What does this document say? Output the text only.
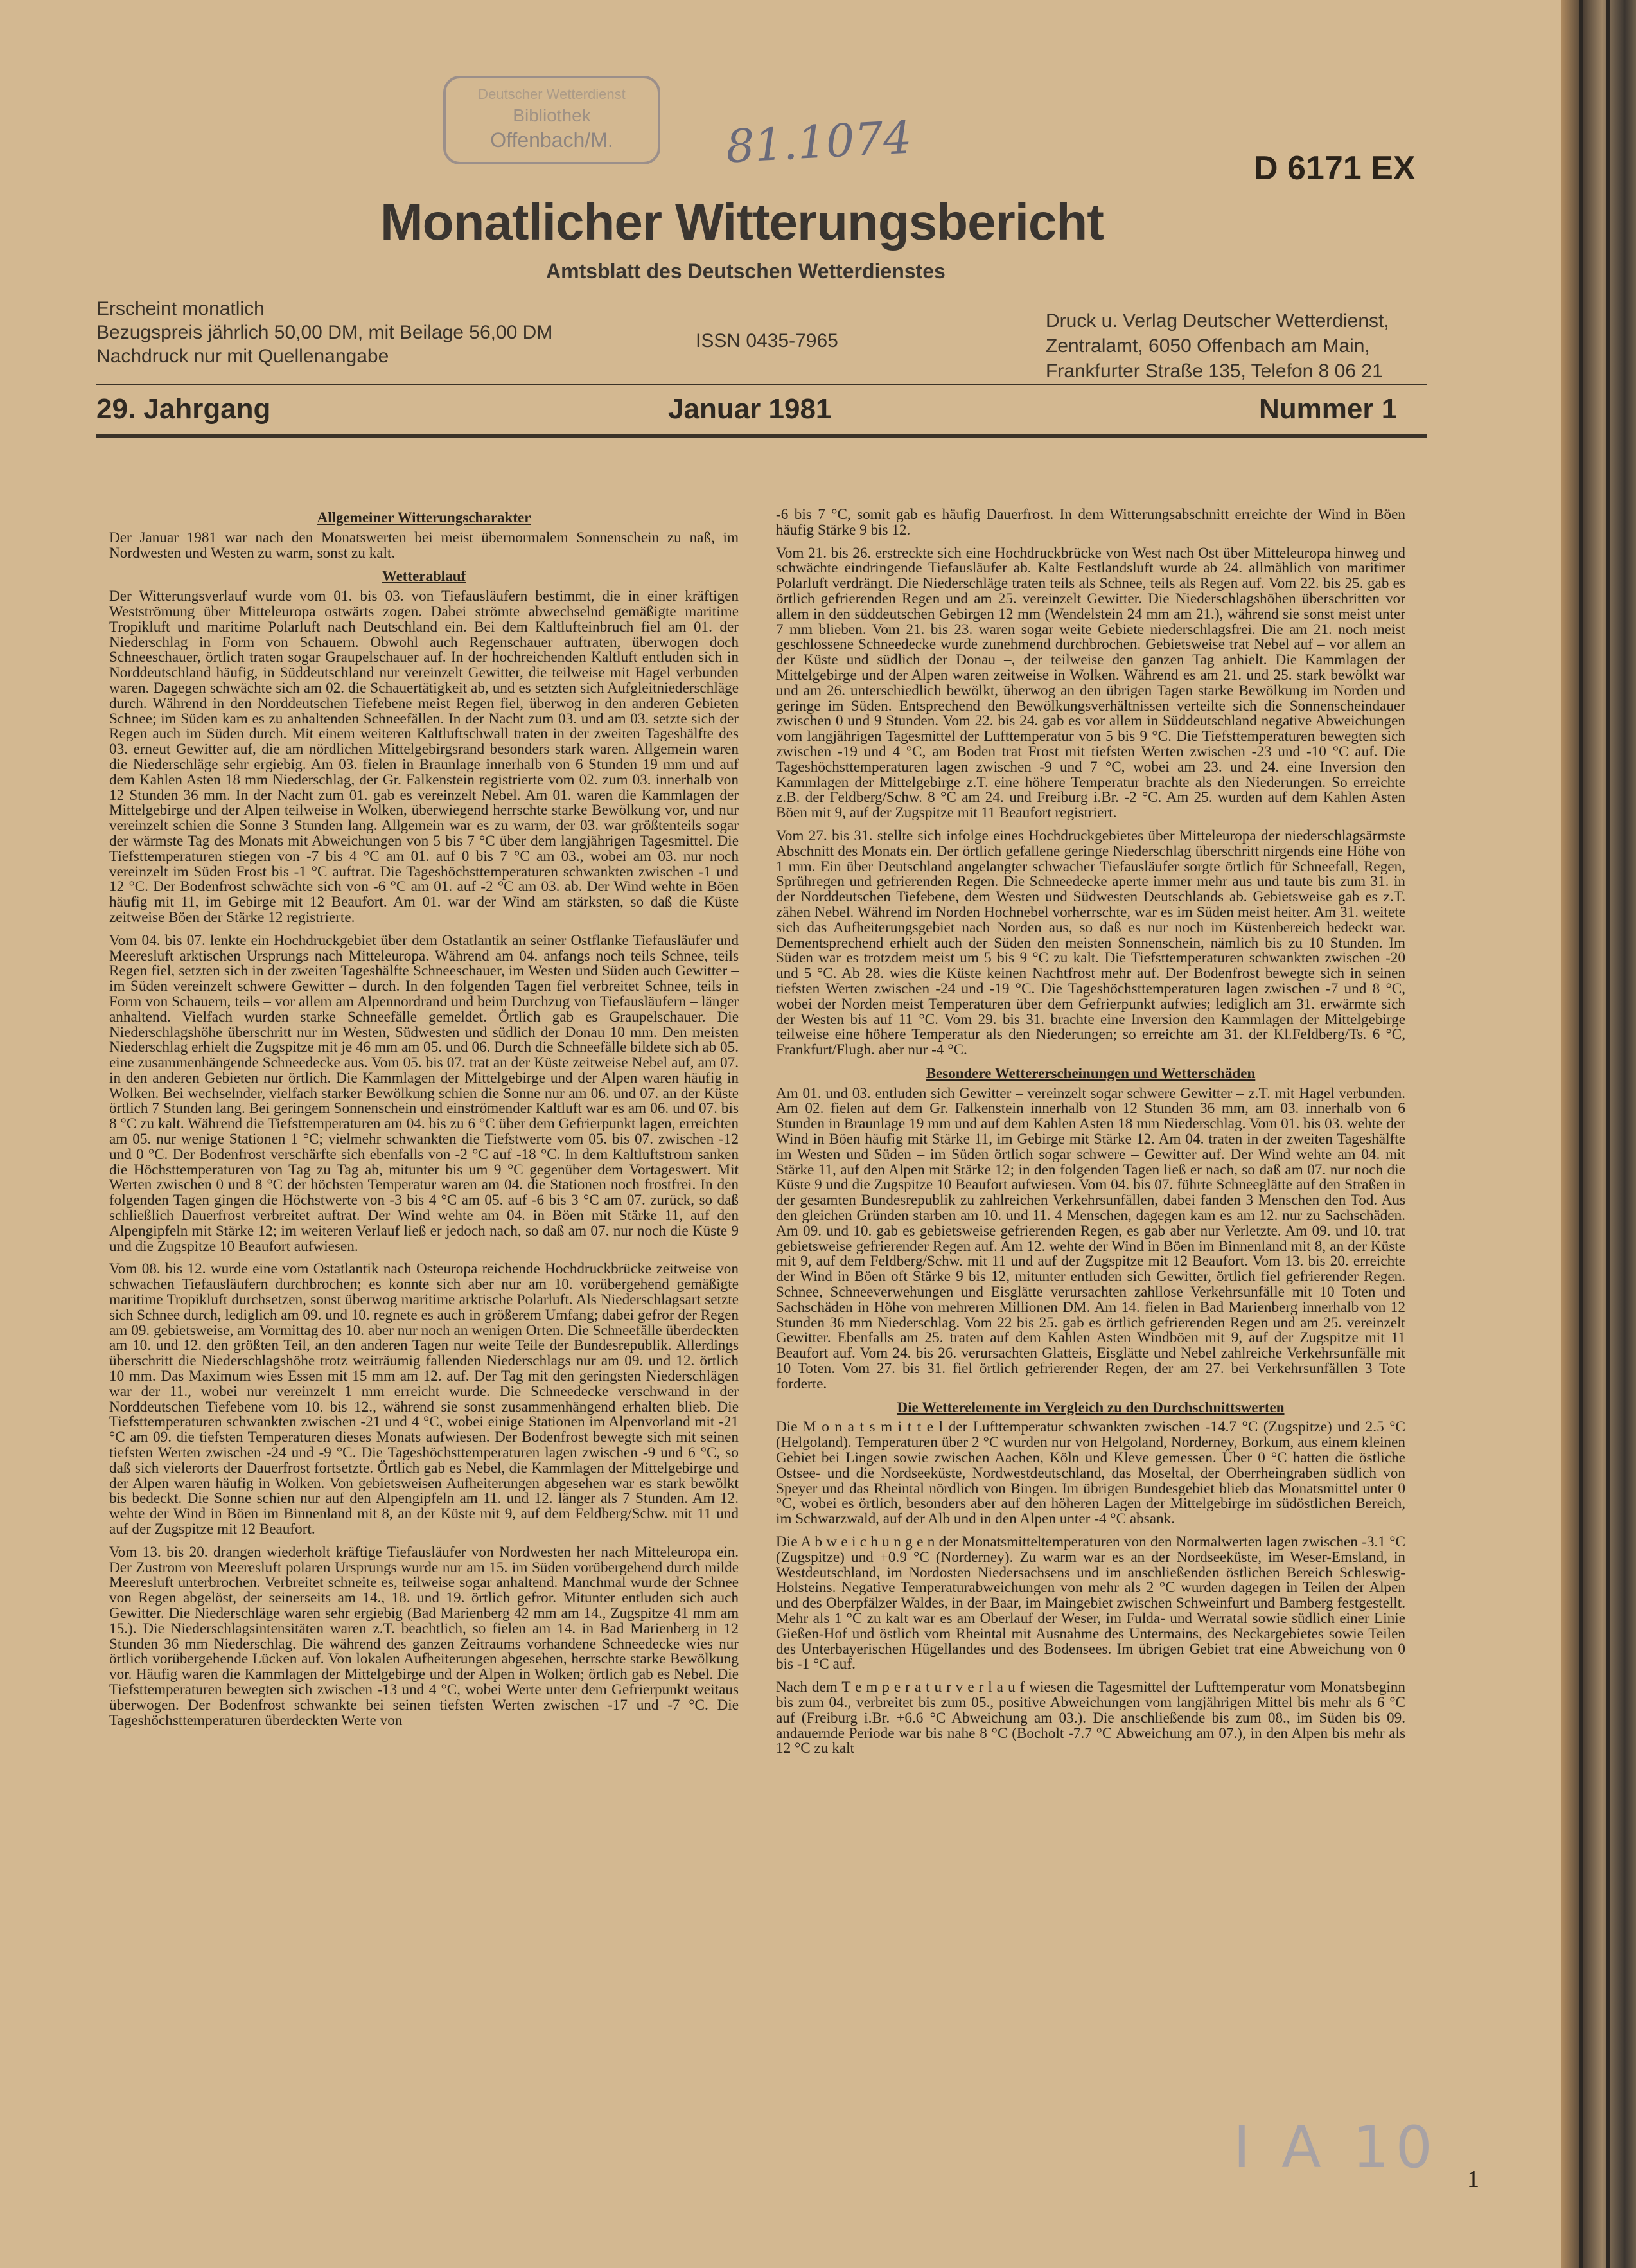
Deutscher Wetterdienst
Bibliothek
Offenbach/M.	81.1074	D 6171 EX
Monatlicher Witterungsbericht
Amtsblatt des Deutschen Wetterdienstes
Erscheint monatlich
Bezugspreis jährlich 50,00 DM, mit Beilage 56,00 DM
Nachdruck nur mit Quellenangabe
ISSN 0435-7965
Druck u. Verlag Deutscher Wetterdienst,
Zentralamt, 6050 Offenbach am Main,
Frankfurter Straße 135, Telefon 8 06 21
29. Jahrgang	Januar 1981	Nummer 1
Allgemeiner Witterungscharakter

Der Januar 1981 war nach den Monatswerten bei meist übernormalem Sonnenschein zu naß, im Nordwesten und Westen zu warm, sonst zu kalt.

Wetterablauf

Der Witterungsverlauf wurde vom 01. bis 03. von Tiefausläufern bestimmt, die in einer kräftigen Westströmung über Mitteleuropa ostwärts zogen. Dabei strömte abwechselnd gemäßigte maritime Tropikluft und maritime Polarluft nach Deutschland ein. Bei dem Kaltlufteinbruch fiel am 01. der Niederschlag in Form von Schauern. Obwohl auch Regenschauer auftraten, überwogen doch Schneeschauer, örtlich traten sogar Graupelschauer auf. In der hochreichenden Kaltluft entluden sich in Norddeutschland häufig, in Süddeutschland nur vereinzelt Gewitter, die teilweise mit Hagel verbunden waren. Dagegen schwächte sich am 02. die Schauertätigkeit ab, und es setzten sich Aufgleitniederschläge durch. Während in den Norddeutschen Tiefebene meist Regen fiel, überwog in den anderen Gebieten Schnee; im Süden kam es zu anhaltenden Schneefällen. In der Nacht zum 03. und am 03. setzte sich der Regen auch im Süden durch. Mit einem weiteren Kaltluftschwall traten in der zweiten Tageshälfte des 03. erneut Gewitter auf, die am nördlichen Mittelgebirgsrand besonders stark waren. Allgemein waren die Niederschläge sehr ergiebig. Am 03. fielen in Braunlage innerhalb von 6 Stunden 19 mm und auf dem Kahlen Asten 18 mm Niederschlag, der Gr. Falkenstein registrierte vom 02. zum 03. innerhalb von 12 Stunden 36 mm. In der Nacht zum 01. gab es vereinzelt Nebel. Am 01. waren die Kammlagen der Mittelgebirge und der Alpen teilweise in Wolken, überwiegend herrschte starke Bewölkung vor, und nur vereinzelt schien die Sonne 3 Stunden lang. Allgemein war es zu warm, der 03. war größtenteils sogar der wärmste Tag des Monats mit Abweichungen von 5 bis 7 °C über dem langjährigen Tagesmittel. Die Tiefsttemperaturen stiegen von -7 bis 4 °C am 01. auf 0 bis 7 °C am 03., wobei am 03. nur noch vereinzelt im Süden Frost bis -1 °C auftrat. Die Tageshöchsttemperaturen schwankten zwischen -1 und 12 °C. Der Bodenfrost schwächte sich von -6 °C am 01. auf -2 °C am 03. ab. Der Wind wehte in Böen häufig mit 11, im Gebirge mit 12 Beaufort. Am 01. war der Wind am stärksten, so daß die Küste zeitweise Böen der Stärke 12 registrierte.

Vom 04. bis 07. lenkte ein Hochdruckgebiet über dem Ostatlantik an seiner Ostflanke Tiefausläufer und Meeresluft arktischen Ursprungs nach Mitteleuropa. Während am 04. anfangs noch teils Schnee, teils Regen fiel, setzten sich in der zweiten Tageshälfte Schneeschauer, im Westen und Süden auch Gewitter – im Süden vereinzelt schwere Gewitter – durch. In den folgenden Tagen fiel verbreitet Schnee, teils in Form von Schauern, teils – vor allem am Alpennordrand und beim Durchzug von Tiefausläufern – länger anhaltend. Vielfach wurden starke Schneefälle gemeldet. Örtlich gab es Graupelschauer. Die Niederschlagshöhe überschritt nur im Westen, Südwesten und südlich der Donau 10 mm. Den meisten Niederschlag erhielt die Zugspitze mit je 46 mm am 05. und 06. Durch die Schneefälle bildete sich ab 05. eine zusammenhängende Schneedecke aus. Vom 05. bis 07. trat an der Küste zeitweise Nebel auf, am 07. in den anderen Gebieten nur örtlich. Die Kammlagen der Mittelgebirge und der Alpen waren häufig in Wolken. Bei wechselnder, vielfach starker Bewölkung schien die Sonne nur am 06. und 07. an der Küste örtlich 7 Stunden lang. Bei geringem Sonnenschein und einströmender Kaltluft war es am 06. und 07. bis 8 °C zu kalt. Während die Tiefsttemperaturen am 04. bis zu 6 °C über dem Gefrierpunkt lagen, erreichten am 05. nur wenige Stationen 1 °C; vielmehr schwankten die Tiefstwerte vom 05. bis 07. zwischen -12 und 0 °C. Der Bodenfrost verschärfte sich ebenfalls von -2 °C auf -18 °C. In dem Kaltluftstrom sanken die Höchsttemperaturen von Tag zu Tag ab, mitunter bis um 9 °C gegenüber dem Vortageswert. Mit Werten zwischen 0 und 8 °C der höchsten Temperatur waren am 04. die Stationen noch frostfrei. In den folgenden Tagen gingen die Höchstwerte von -3 bis 4 °C am 05. auf -6 bis 3 °C am 07. zurück, so daß schließlich Dauerfrost verbreitet auftrat. Der Wind wehte am 04. in Böen mit Stärke 11, auf den Alpengipfeln mit Stärke 12; im weiteren Verlauf ließ er jedoch nach, so daß am 07. nur noch die Küste 9 und die Zugspitze 10 Beaufort aufwiesen.

Vom 08. bis 12. wurde eine vom Ostatlantik nach Osteuropa reichende Hochdruckbrücke zeitweise von schwachen Tiefausläufern durchbrochen; es konnte sich aber nur am 10. vorübergehend gemäßigte maritime Tropikluft durchsetzen, sonst überwog maritime arktische Polarluft. Als Niederschlagsart setzte sich Schnee durch, lediglich am 09. und 10. regnete es auch in größerem Umfang; dabei gefror der Regen am 09. gebietsweise, am Vormittag des 10. aber nur noch an wenigen Orten. Die Schneefälle überdeckten am 10. und 12. den größten Teil, an den anderen Tagen nur weite Teile der Bundesrepublik. Allerdings überschritt die Niederschlagshöhe trotz weiträumig fallenden Niederschlags nur am 09. und 12. örtlich 10 mm. Das Maximum wies Essen mit 15 mm am 12. auf. Der Tag mit den geringsten Niederschlägen war der 11., wobei nur vereinzelt 1 mm erreicht wurde. Die Schneedecke verschwand in der Norddeutschen Tiefebene vom 10. bis 12., während sie sonst zusammenhängend erhalten blieb. Die Tiefsttemperaturen schwankten zwischen -21 und 4 °C, wobei einige Stationen im Alpenvorland mit -21 °C am 09. die tiefsten Temperaturen dieses Monats aufwiesen. Der Bodenfrost bewegte sich mit seinen tiefsten Werten zwischen -24 und -9 °C. Die Tageshöchsttemperaturen lagen zwischen -9 und 6 °C, so daß sich vielerorts der Dauerfrost fortsetzte. Örtlich gab es Nebel, die Kammlagen der Mittelgebirge und der Alpen waren häufig in Wolken. Von gebietsweisen Aufheiterungen abgesehen war es stark bewölkt bis bedeckt. Die Sonne schien nur auf den Alpengipfeln am 11. und 12. länger als 7 Stunden. Am 12. wehte der Wind in Böen im Binnenland mit 8, an der Küste mit 9, auf dem Feldberg/Schw. mit 11 und auf der Zugspitze mit 12 Beaufort.

Vom 13. bis 20. drangen wiederholt kräftige Tiefausläufer von Nordwesten her nach Mitteleuropa ein. Der Zustrom von Meeresluft polaren Ursprungs wurde nur am 15. im Süden vorübergehend durch milde Meeresluft unterbrochen. Verbreitet schneite es, teilweise sogar anhaltend. Manchmal wurde der Schnee von Regen abgelöst, der seinerseits am 14., 18. und 19. örtlich gefror. Mitunter entluden sich auch Gewitter. Die Niederschläge waren sehr ergiebig (Bad Marienberg 42 mm am 14., Zugspitze 41 mm am 15.). Die Niederschlagsintensitäten waren z.T. beachtlich, so fielen am 14. in Bad Marienberg in 12 Stunden 36 mm Niederschlag. Die während des ganzen Zeitraums vorhandene Schneedecke wies nur örtlich vorübergehende Lücken auf. Von lokalen Aufheiterungen abgesehen, herrschte starke Bewölkung vor. Häufig waren die Kammlagen der Mittelgebirge und der Alpen in Wolken; örtlich gab es Nebel. Die Tiefsttemperaturen bewegten sich zwischen -13 und 4 °C, wobei Werte unter dem Gefrierpunkt weitaus überwogen. Der Bodenfrost schwankte bei seinen tiefsten Werten zwischen -17 und -7 °C. Die Tageshöchsttemperaturen überdeckten Werte von

-6 bis 7 °C, somit gab es häufig Dauerfrost. In dem Witterungsabschnitt erreichte der Wind in Böen häufig Stärke 9 bis 12.

Vom 21. bis 26. erstreckte sich eine Hochdruckbrücke von West nach Ost über Mitteleuropa hinweg und schwächte eindringende Tiefausläufer ab. Kalte Festlandsluft wurde ab 24. allmählich von maritimer Polarluft verdrängt. Die Niederschläge traten teils als Schnee, teils als Regen auf. Vom 22. bis 25. gab es örtlich gefrierenden Regen und am 25. vereinzelt Gewitter. Die Niederschlagshöhen überschritten vor allem in den süddeutschen Gebirgen 12 mm (Wendelstein 24 mm am 21.), während sie sonst meist unter 7 mm blieben. Vom 21. bis 23. waren sogar weite Gebiete niederschlagsfrei. Die am 21. noch meist geschlossene Schneedecke wurde zunehmend durchbrochen. Gebietsweise trat Nebel auf – vor allem an der Küste und südlich der Donau –, der teilweise den ganzen Tag anhielt. Die Kammlagen der Mittelgebirge und der Alpen waren zeitweise in Wolken. Während es am 21. und 25. stark bewölkt war und am 26. unterschiedlich bewölkt, überwog an den übrigen Tagen starke Bewölkung im Norden und geringe im Süden. Entsprechend den Bewölkungsverhältnissen verteilte sich die Sonnenscheindauer zwischen 0 und 9 Stunden. Vom 22. bis 24. gab es vor allem in Süddeutschland negative Abweichungen vom langjährigen Tagesmittel der Lufttemperatur von 5 bis 9 °C. Die Tiefsttemperaturen bewegten sich zwischen -19 und 4 °C, am Boden trat Frost mit tiefsten Werten zwischen -23 und -10 °C auf. Die Tageshöchsttemperaturen lagen zwischen -9 und 7 °C, wobei am 23. und 24. eine Inversion den Kammlagen der Mittelgebirge z.T. eine höhere Temperatur brachte als den Niederungen. So erreichte z.B. der Feldberg/Schw. 8 °C am 24. und Freiburg i.Br. -2 °C. Am 25. wurden auf dem Kahlen Asten Böen mit 9, auf der Zugspitze mit 11 Beaufort registriert.

Vom 27. bis 31. stellte sich infolge eines Hochdruckgebietes über Mitteleuropa der niederschlagsärmste Abschnitt des Monats ein. Der örtlich gefallene geringe Niederschlag überschritt nirgends eine Höhe von 1 mm. Ein über Deutschland angelangter schwacher Tiefausläufer sorgte örtlich für Schneefall, Regen, Sprühregen und gefrierenden Regen. Die Schneedecke aperte immer mehr aus und taute bis zum 31. in der Norddeutschen Tiefebene, dem Westen und Südwesten Deutschlands ab. Gebietsweise gab es z.T. zähen Nebel. Während im Norden Hochnebel vorherrschte, war es im Süden meist heiter. Am 31. weitete sich das Aufheiterungsgebiet nach Norden aus, so daß es nur noch im Küstenbereich bedeckt war. Dementsprechend erhielt auch der Süden den meisten Sonnenschein, nämlich bis zu 10 Stunden. Im Süden war es trotzdem meist um 5 bis 9 °C zu kalt. Die Tiefsttemperaturen schwankten zwischen -20 und 5 °C. Ab 28. wies die Küste keinen Nachtfrost mehr auf. Der Bodenfrost bewegte sich in seinen tiefsten Werten zwischen -24 und -19 °C. Die Tageshöchsttemperaturen lagen zwischen -7 und 8 °C, wobei der Norden meist Temperaturen über dem Gefrierpunkt aufwies; lediglich am 31. erwärmte sich der Westen bis auf 11 °C. Vom 29. bis 31. brachte eine Inversion den Kammlagen der Mittelgebirge teilweise eine höhere Temperatur als den Niederungen; so erreichte am 31. der Kl.Feldberg/Ts. 6 °C, Frankfurt/Flugh. aber nur -4 °C.

Besondere Wettererscheinungen und Wetterschäden

Am 01. und 03. entluden sich Gewitter – vereinzelt sogar schwere Gewitter – z.T. mit Hagel verbunden. Am 02. fielen auf dem Gr. Falkenstein innerhalb von 12 Stunden 36 mm, am 03. innerhalb von 6 Stunden in Braunlage 19 mm und auf dem Kahlen Asten 18 mm Niederschlag. Vom 01. bis 03. wehte der Wind in Böen häufig mit Stärke 11, im Gebirge mit Stärke 12. Am 04. traten in der zweiten Tageshälfte im Westen und Süden – im Süden örtlich sogar schwere – Gewitter auf. Der Wind wehte am 04. mit Stärke 11, auf den Alpen mit Stärke 12; in den folgenden Tagen ließ er nach, so daß am 07. nur noch die Küste 9 und die Zugspitze 10 Beaufort aufwiesen. Vom 04. bis 07. führte Schneeglätte auf den Straßen in der gesamten Bundesrepublik zu zahlreichen Verkehrsunfällen, dabei fanden 3 Menschen den Tod. Aus den gleichen Gründen starben am 10. und 11. 4 Menschen, dagegen kam es am 12. nur zu Sachschäden. Am 09. und 10. gab es gebietsweise gefrierenden Regen, es gab aber nur Verletzte. Am 09. und 10. trat gebietsweise gefrierender Regen auf. Am 12. wehte der Wind in Böen im Binnenland mit 8, an der Küste mit 9, auf dem Feldberg/Schw. mit 11 und auf der Zugspitze mit 12 Beaufort. Vom 13. bis 20. erreichte der Wind in Böen oft Stärke 9 bis 12, mitunter entluden sich Gewitter, örtlich fiel gefrierender Regen. Schnee, Schneeverwehungen und Eisglätte verursachten zahllose Verkehrsunfälle mit 10 Toten und Sachschäden in Höhe von mehreren Millionen DM. Am 14. fielen in Bad Marienberg innerhalb von 12 Stunden 36 mm Niederschlag. Vom 22 bis 25. gab es örtlich gefrierenden Regen und am 25. vereinzelt Gewitter. Ebenfalls am 25. traten auf dem Kahlen Asten Windböen mit 9, auf der Zugspitze mit 11 Beaufort auf. Vom 24. bis 26. verursachten Glatteis, Eisglätte und Nebel zahlreiche Verkehrsunfälle mit 10 Toten. Vom 27. bis 31. fiel örtlich gefrierender Regen, der am 27. bei Verkehrsunfällen 3 Tote forderte.

Die Wetterelemente im Vergleich zu den Durchschnittswerten

Die M o n a t s m i t t e l der Lufttemperatur schwankten zwischen -14.7 °C (Zugspitze) und 2.5 °C (Helgoland). Temperaturen über 2 °C wurden nur von Helgoland, Norderney, Borkum, aus einem kleinen Gebiet bei Lingen sowie zwischen Aachen, Köln und Kleve gemessen. Über 0 °C hatten die östliche Ostsee- und die Nordseeküste, Nordwestdeutschland, das Moseltal, der Oberrheingraben südlich von Speyer und das Rheintal nördlich von Bingen. Im übrigen Bundesgebiet blieb das Monatsmittel unter 0 °C, wobei es örtlich, besonders aber auf den höheren Lagen der Mittelgebirge im südöstlichen Bereich, im Schwarzwald, auf der Alb und in den Alpen unter -4 °C absank.

Die A b w e i c h u n g e n der Monatsmitteltemperaturen von den Normalwerten lagen zwischen -3.1 °C (Zugspitze) und +0.9 °C (Norderney). Zu warm war es an der Nordseeküste, im Weser-Emsland, in Westdeutschland, im Nordosten Niedersachsens und im anschließenden östlichen Bereich Schleswig-Holsteins. Negative Temperaturabweichungen von mehr als 2 °C wurden dagegen in Teilen der Alpen und des Oberpfälzer Waldes, in der Baar, im Maingebiet zwischen Schweinfurt und Bamberg festgestellt. Mehr als 1 °C zu kalt war es am Oberlauf der Weser, im Fulda- und Werratal sowie südlich einer Linie Gießen-Hof und östlich vom Rheintal mit Ausnahme des Untermains, des Neckargebietes sowie Teilen des Unterbayerischen Hügellandes und des Bodensees. Im übrigen Gebiet trat eine Abweichung von 0 bis -1 °C auf.

Nach dem T e m p e r a t u r v e r l a u f wiesen die Tagesmittel der Lufttemperatur vom Monatsbeginn bis zum 04., verbreitet bis zum 05., positive Abweichungen vom langjährigen Mittel bis mehr als 6 °C auf (Freiburg i.Br. +6.6 °C Abweichung am 03.). Die anschließende bis zum 08., im Süden bis 09. andauernde Periode war bis nahe 8 °C (Bocholt -7.7 °C Abweichung am 07.), in den Alpen bis mehr als 12 °C zu kalt

I A 10 1
